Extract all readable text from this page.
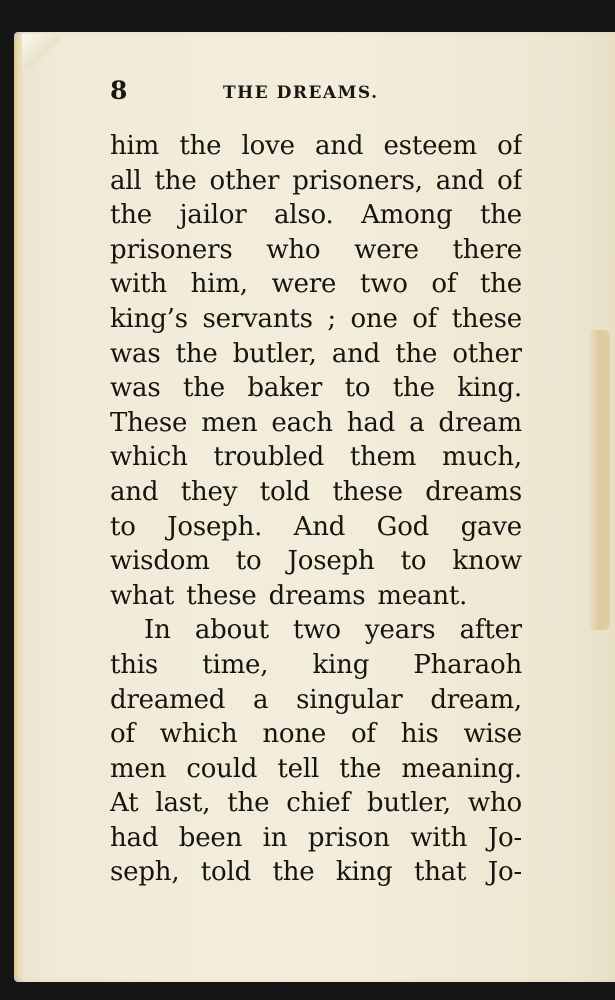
8	THE DREAMS.
him the love and esteem of
all the other prisoners, and of
the jailor also. Among the
prisoners who were there
with him, were two of the
king’s servants ; one of these
was the butler, and the other
was the baker to the king.
These men each had a dream
which troubled them much,
and they told these dreams
to Joseph. And God gave
wisdom to Joseph to know
what these dreams meant.
In about two years after
this time, king Pharaoh
dreamed a singular dream,
of which none of his wise
men could tell the meaning.
At last, the chief butler, who
had been in prison with Jo-
seph, told the king that Jo-
